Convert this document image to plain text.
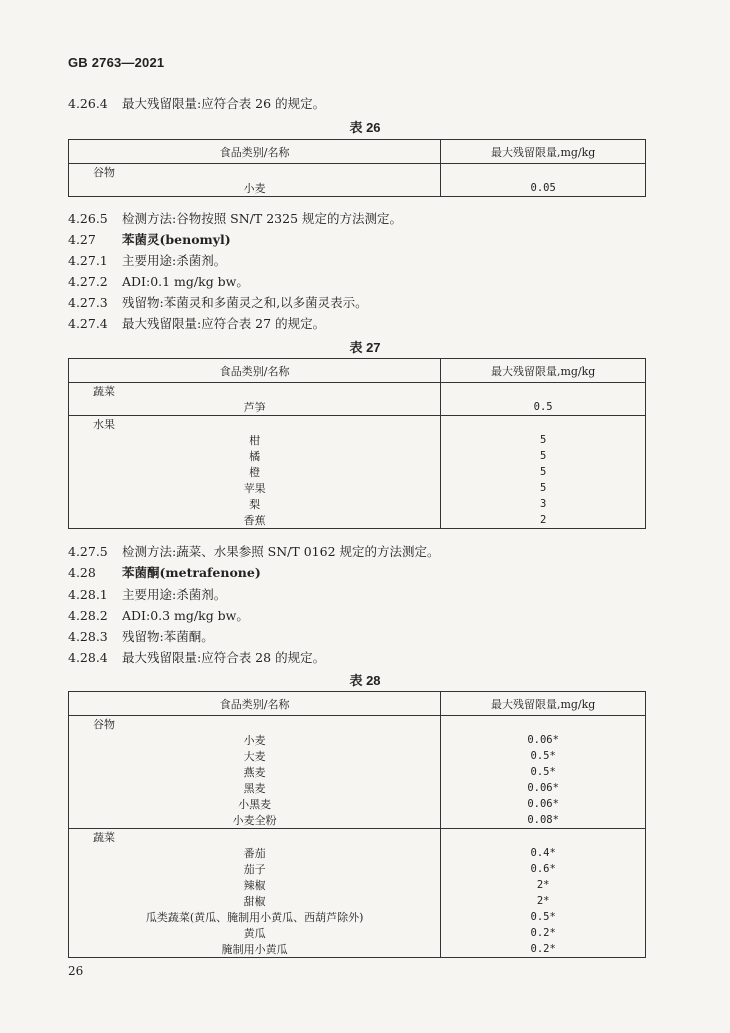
GB 2763—2021
4.26.4 最大残留限量:应符合表 26 的规定。
表 26
食品类别/名称	最大残留限量,mg/kg
谷物	
小麦	0.05
4.26.5 检测方法:谷物按照 SN/T 2325 规定的方法测定。
4.27 苯菌灵(benomyl)
4.27.1 主要用途:杀菌剂。
4.27.2 ADI:0.1 mg/kg bw。
4.27.3 残留物:苯菌灵和多菌灵之和,以多菌灵表示。
4.27.4 最大残留限量:应符合表 27 的规定。
表 27
食品类别/名称	最大残留限量,mg/kg
蔬菜	
芦笋	0.5
水果	
柑	5
橘	5
橙	5
苹果	5
梨	3
香蕉	2
4.27.5 检测方法:蔬菜、水果参照 SN/T 0162 规定的方法测定。
4.28 苯菌酮(metrafenone)
4.28.1 主要用途:杀菌剂。
4.28.2 ADI:0.3 mg/kg bw。
4.28.3 残留物:苯菌酮。
4.28.4 最大残留限量:应符合表 28 的规定。
表 28
食品类别/名称	最大残留限量,mg/kg
谷物	
小麦	0.06*
大麦	0.5*
燕麦	0.5*
黑麦	0.06*
小黑麦	0.06*
小麦全粉	0.08*
蔬菜	
番茄	0.4*
茄子	0.6*
辣椒	2*
甜椒	2*
瓜类蔬菜(黄瓜、腌制用小黄瓜、西葫芦除外)	0.5*
黄瓜	0.2*
腌制用小黄瓜	0.2*
26
